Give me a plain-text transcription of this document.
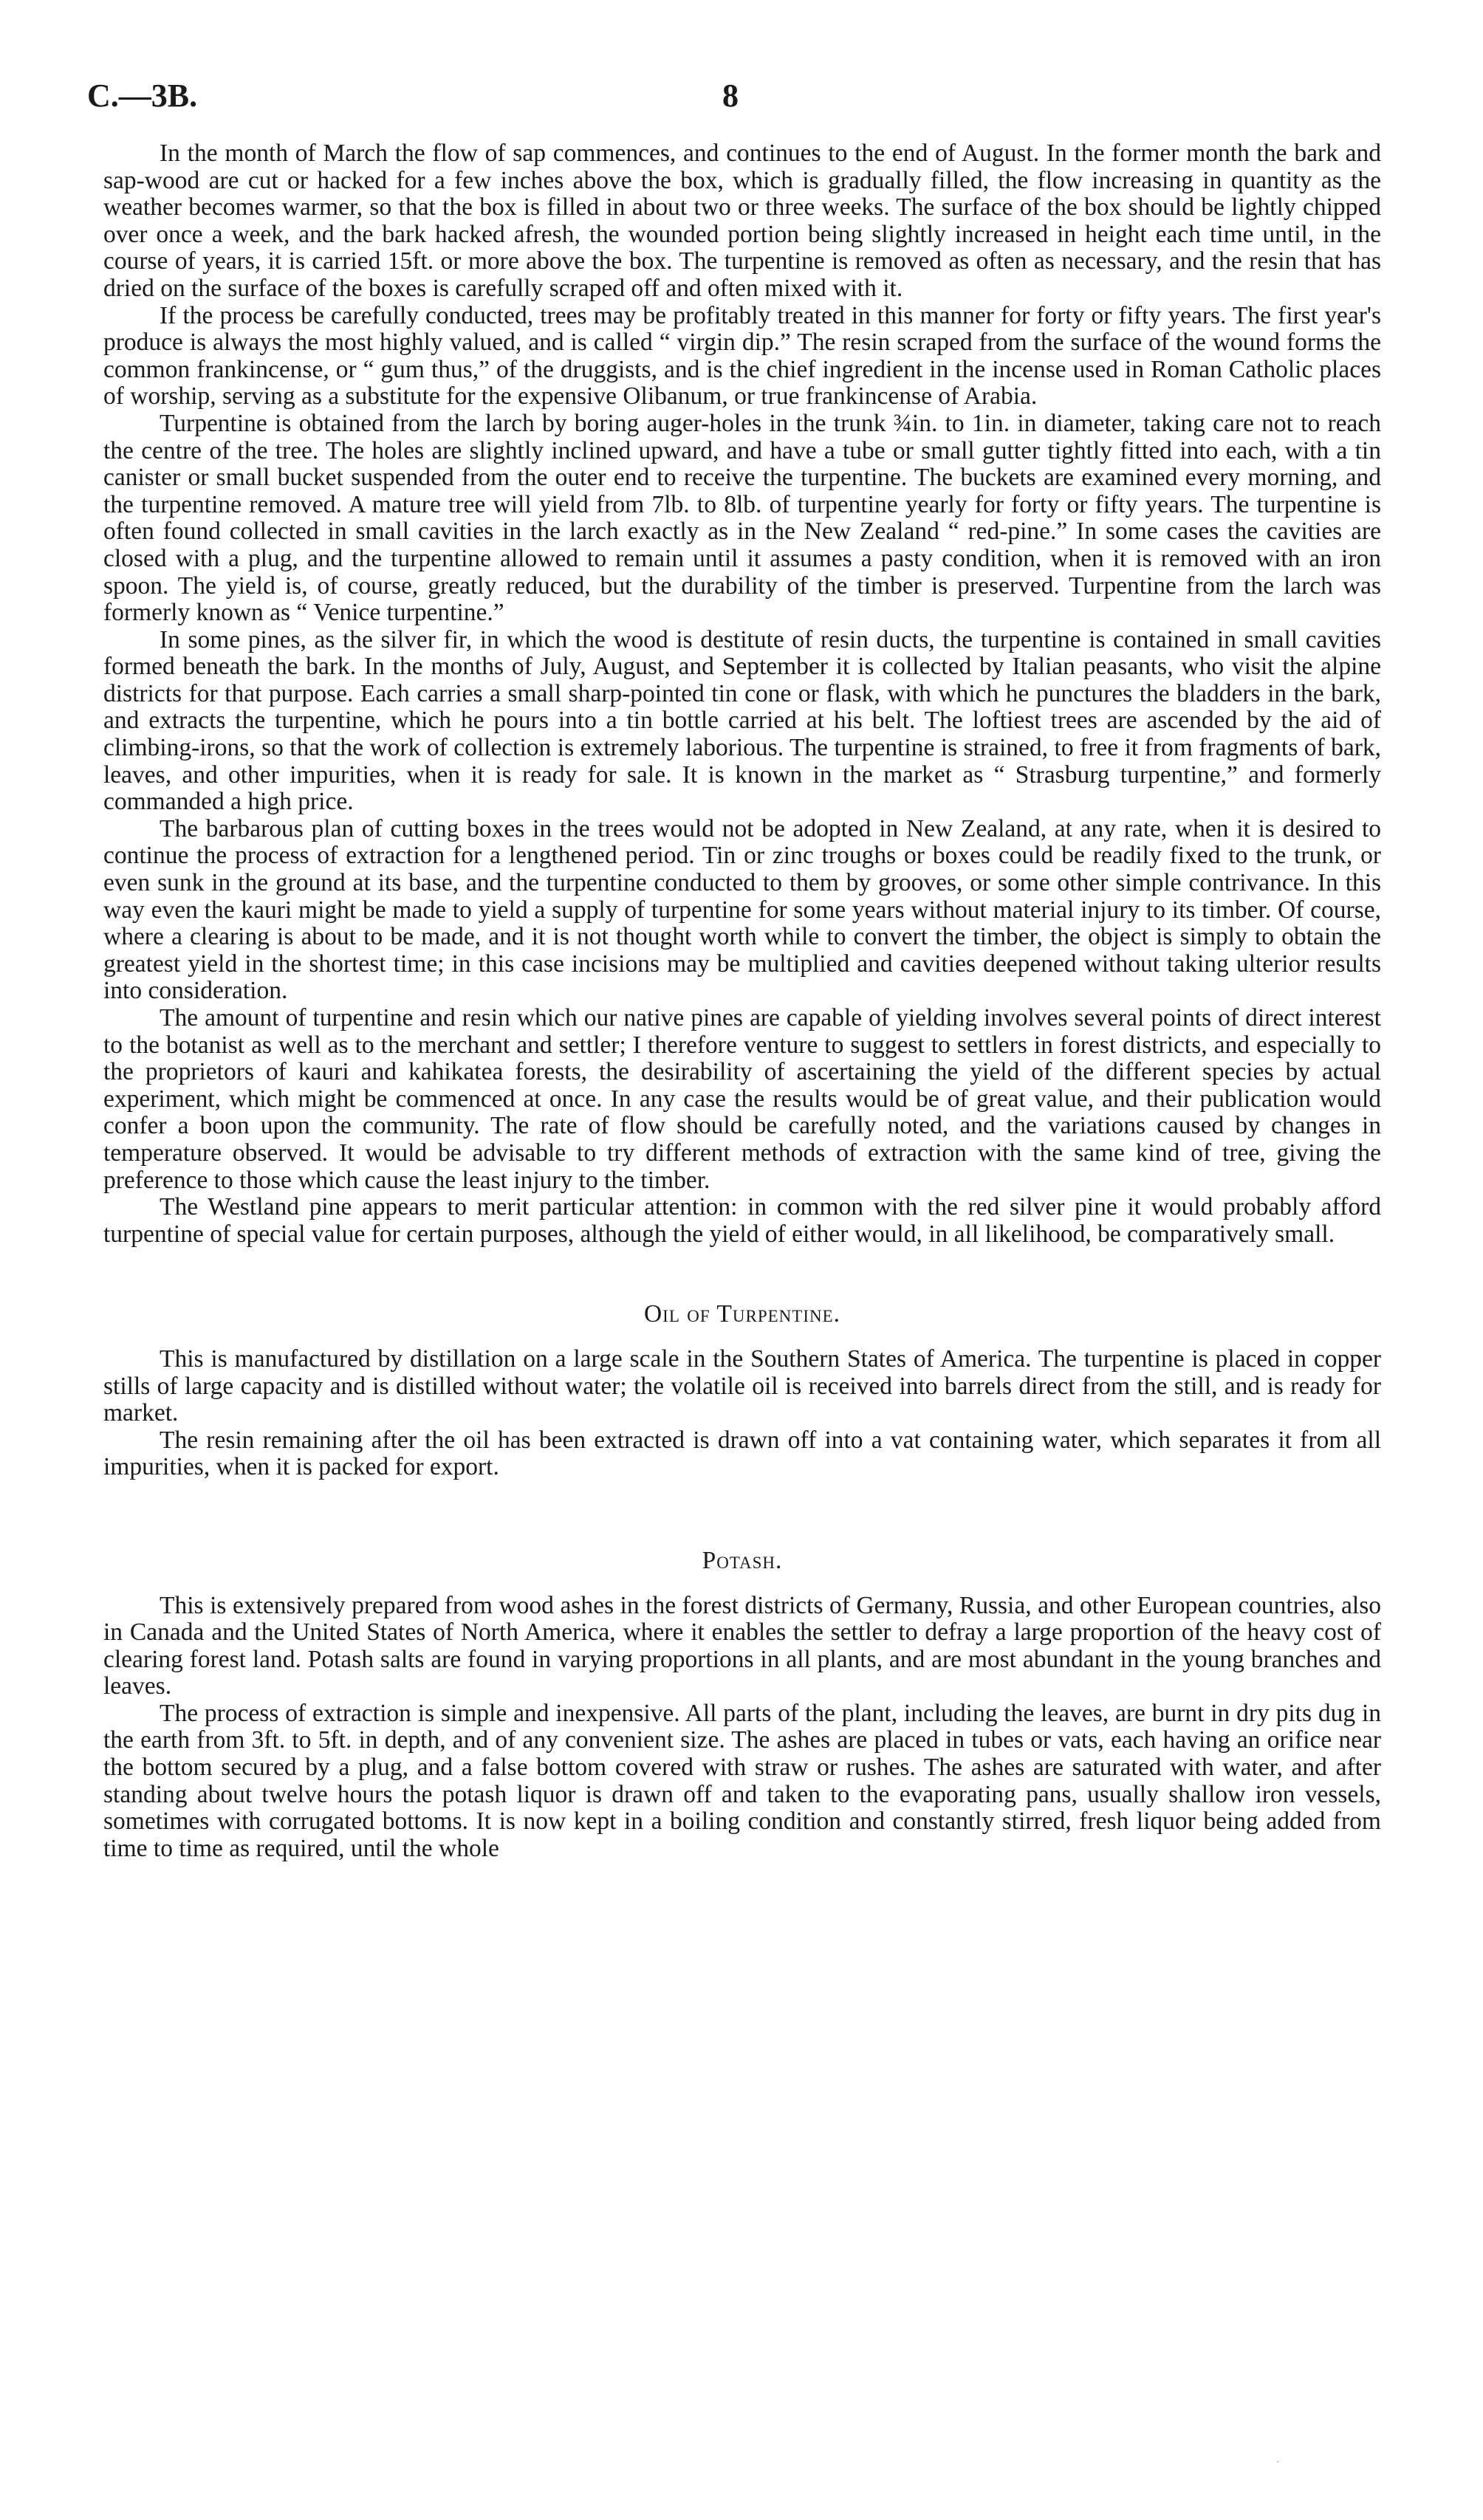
C.—3B.	8

In the month of March the flow of sap commences, and continues to the end of August. In the former month the bark and sap-wood are cut or hacked for a few inches above the box, which is gradually filled, the flow increasing in quantity as the weather becomes warmer, so that the box is filled in about two or three weeks. The surface of the box should be lightly chipped over once a week, and the bark hacked afresh, the wounded portion being slightly increased in height each time until, in the course of years, it is carried 15ft. or more above the box. The turpentine is removed as often as necessary, and the resin that has dried on the surface of the boxes is carefully scraped off and often mixed with it.

If the process be carefully conducted, trees may be profitably treated in this manner for forty or fifty years. The first year's produce is always the most highly valued, and is called “ virgin dip.” The resin scraped from the surface of the wound forms the common frankincense, or “ gum thus,” of the druggists, and is the chief ingredient in the incense used in Roman Catholic places of worship, serving as a substitute for the expensive Olibanum, or true frankincense of Arabia.

Turpentine is obtained from the larch by boring auger-holes in the trunk ¾in. to 1in. in diameter, taking care not to reach the centre of the tree. The holes are slightly inclined upward, and have a tube or small gutter tightly fitted into each, with a tin canister or small bucket suspended from the outer end to receive the turpentine. The buckets are examined every morning, and the turpentine removed. A mature tree will yield from 7lb. to 8lb. of turpentine yearly for forty or fifty years. The turpentine is often found collected in small cavities in the larch exactly as in the New Zealand “ red-pine.” In some cases the cavities are closed with a plug, and the turpentine allowed to remain until it assumes a pasty condition, when it is removed with an iron spoon. The yield is, of course, greatly reduced, but the durability of the timber is preserved. Turpentine from the larch was formerly known as “ Venice turpentine.”

In some pines, as the silver fir, in which the wood is destitute of resin ducts, the turpentine is contained in small cavities formed beneath the bark. In the months of July, August, and September it is collected by Italian peasants, who visit the alpine districts for that purpose. Each carries a small sharp-pointed tin cone or flask, with which he punctures the bladders in the bark, and extracts the turpentine, which he pours into a tin bottle carried at his belt. The loftiest trees are ascended by the aid of climbing-irons, so that the work of collection is extremely laborious. The turpentine is strained, to free it from fragments of bark, leaves, and other impurities, when it is ready for sale. It is known in the market as “ Strasburg turpentine,” and formerly commanded a high price.

The barbarous plan of cutting boxes in the trees would not be adopted in New Zealand, at any rate, when it is desired to continue the process of extraction for a lengthened period. Tin or zinc troughs or boxes could be readily fixed to the trunk, or even sunk in the ground at its base, and the turpentine conducted to them by grooves, or some other simple contrivance. In this way even the kauri might be made to yield a supply of turpentine for some years without material injury to its timber. Of course, where a clearing is about to be made, and it is not thought worth while to convert the timber, the object is simply to obtain the greatest yield in the shortest time; in this case incisions may be multiplied and cavities deepened without taking ulterior results into consideration.

The amount of turpentine and resin which our native pines are capable of yielding involves several points of direct interest to the botanist as well as to the merchant and settler; I therefore venture to suggest to settlers in forest districts, and especially to the proprietors of kauri and kahikatea forests, the desirability of ascertaining the yield of the different species by actual experiment, which might be commenced at once. In any case the results would be of great value, and their publication would confer a boon upon the community. The rate of flow should be carefully noted, and the variations caused by changes in temperature observed. It would be advisable to try different methods of extraction with the same kind of tree, giving the preference to those which cause the least injury to the timber.

The Westland pine appears to merit particular attention: in common with the red silver pine it would probably afford turpentine of special value for certain purposes, although the yield of either would, in all likelihood, be comparatively small.

Oil of Turpentine.

This is manufactured by distillation on a large scale in the Southern States of America. The turpentine is placed in copper stills of large capacity and is distilled without water; the volatile oil is received into barrels direct from the still, and is ready for market.

The resin remaining after the oil has been extracted is drawn off into a vat containing water, which separates it from all impurities, when it is packed for export.

Potash.

This is extensively prepared from wood ashes in the forest districts of Germany, Russia, and other European countries, also in Canada and the United States of North America, where it enables the settler to defray a large proportion of the heavy cost of clearing forest land. Potash salts are found in varying proportions in all plants, and are most abundant in the young branches and leaves.

The process of extraction is simple and inexpensive. All parts of the plant, including the leaves, are burnt in dry pits dug in the earth from 3ft. to 5ft. in depth, and of any convenient size. The ashes are placed in tubes or vats, each having an orifice near the bottom secured by a plug, and a false bottom covered with straw or rushes. The ashes are saturated with water, and after standing about twelve hours the potash liquor is drawn off and taken to the evaporating pans, usually shallow iron vessels, sometimes with corrugated bottoms. It is now kept in a boiling condition and constantly stirred, fresh liquor being added from time to time as required, until the whole

·
